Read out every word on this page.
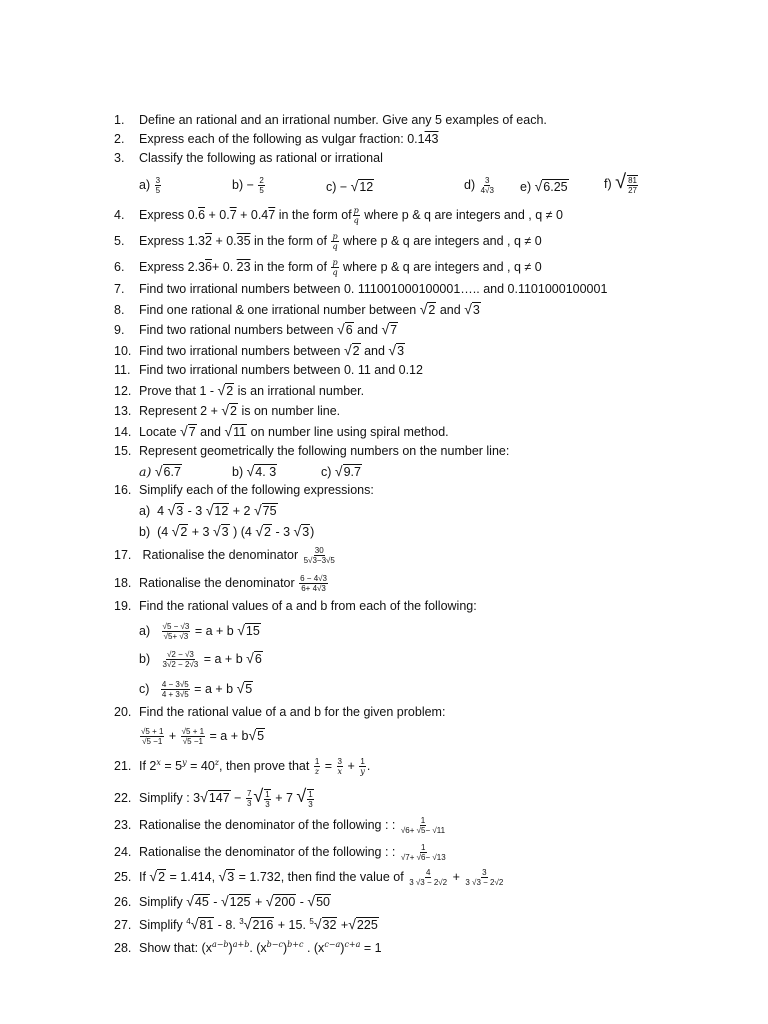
1. Define an rational and an irrational number. Give any 5 examples of each.
2. Express each of the following as vulgar fraction: 0.143
3. Classify the following as rational or irrational
$a) \frac{3}{5}$	$b) - \frac{2}{5}$	c) − √12	$d) \frac{3}{4√3} e$) √6.25	f) √ $\frac{81}{27}$
4. Express 0.6 + 0.7 + 0.47 in the form of $\frac{p}{q}$ where p & q are integers and , q ≠ 0
5. Express 1.32 + 0.35 in the form of $\frac{p}{q}$ where p & q are integers and , q ≠ 0
6. Express 2.36+ 0. 23 in the form of $\frac{p}{q}$ where p & q are integers and , q ≠ 0
7. Find two irrational numbers between 0. 111001000100001….. and 0.1101000100001
8. Find one rational & one irrational number between √2 and √3
9. Find two rational numbers between √6 and √7
10. Find two irrational numbers between √2 and √3
11. Find two irrational numbers between 0. 11 and 0.12
12. Prove that 1 - √2 is an irrational number.
13. Represent 2 + √2 is on number line.
14. Locate √7 and √11 on number line using spiral method.
15. Represent geometrically the following numbers on the number line:
a) √6.7	b) √4. 3	c) √9.7
16. Simplify each of the following expressions:
a) 4 √3 - 3 √12 + 2 √75
b) (4 √2 + 3 √3 ) (4 √2 - 3 √3)
17. Rationalise the denominator $\frac{30}{5√3-3√5}$
18. Rationalise the denominator $\frac{6 - 4√3}{6+ 4√3}$
19. Find the rational values of a and b from each of the following:
$a) \frac{√5 - √3}{√5+ √3} = a + b$ √15
$b) \frac{√2 - √3}{3√2 - 2√3} = a + b$ √6
$c) \frac{4 - 3√5}{4 + 3√5} = a + b$ √5
20. Find the rational value of a and b for the given problem:
$\frac{√5 + 1}{√5 -1} + \frac{√5 + 1}{√5 -1} = a + b√5$
21. If $2^x = 5^y = 40^z$, then prove that $\frac{1}{z} = \frac{3}{x} + \frac{1}{y}$ .
22. Simplify : $3√147 - \frac{7}{3}$ √ $\frac{1}{3} + 7$ √ $\frac{1}{3}$
23. Rationalise the denominator of the following : : $\frac{1}{√6+ √5- √11}$
24. Rationalise the denominator of the following : : $\frac{1}{√7+ √6- √13}$
25. If √2 = 1.414, √3 = 1.732, then find the value of $\frac{4}{3 √3 - 2√2} + \frac{3}{3 √3 - 2√2}$
26. Simplify √45 - √125 + √200 - √50
27. Simplify $^4$√81 - 8. $^3$√216 + 15. $^5$√32 +√225
28. Show that: $(x^{a-b})^{a+b}$. $(x^{b-c})^{b+c}$ . $(x^{c-a})^{c+a} = 1$
